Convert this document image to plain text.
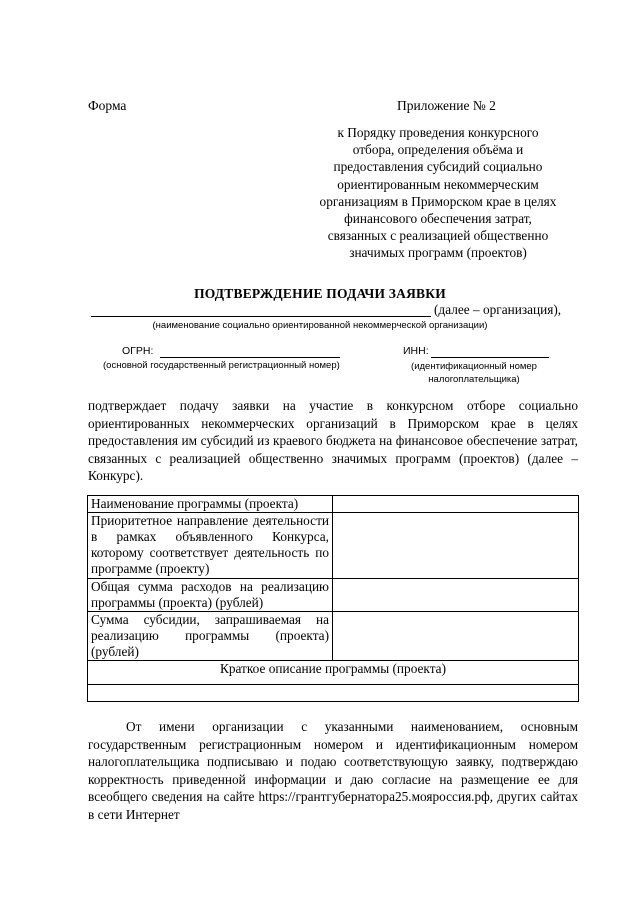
Форма	Приложение № 2
к Порядку проведения конкурсного отбора, определения объёма и предоставления субсидий социально ориентированным некоммерческим организациям в Приморском крае в целях финансового обеспечения затрат, связанных с реализацией общественно значимых программ (проектов)
ПОДТВЕРЖДЕНИЕ ПОДАЧИ ЗАЯВКИ
(далее – организация),
(наименование социально ориентированной некоммерческой организации)
ОГРН:
(основной государственный регистрационный номер)
ИНН:
(идентификационный номер налогоплательщика)
подтверждает подачу заявки на участие в конкурсном отборе социально ориентированных некоммерческих организаций в Приморском крае в целях предоставления им субсидий из краевого бюджета на финансовое обеспечение затрат, связанных с реализацией общественно значимых программ (проектов) (далее – Конкурс).
Наименование программы (проекта)	
Приоритетное направление деятельности в рамках объявленного Конкурса, которому соответствует деятельность по программе (проекту)	
Общая сумма расходов на реализацию программы (проекта) (рублей)	
Сумма субсидии, запрашиваемая на реализацию программы (проекта) (рублей)	
Краткое описание программы (проекта)	

От имени организации с указанными наименованием, основным государственным регистрационным номером и идентификационным номером налогоплательщика подписываю и подаю соответствующую заявку, подтверждаю корректность приведенной информации и даю согласие на размещение ее для всеобщего сведения на сайте https://грантгубернатора25.мояроссия.рф, других сайтах в сети Интернет
